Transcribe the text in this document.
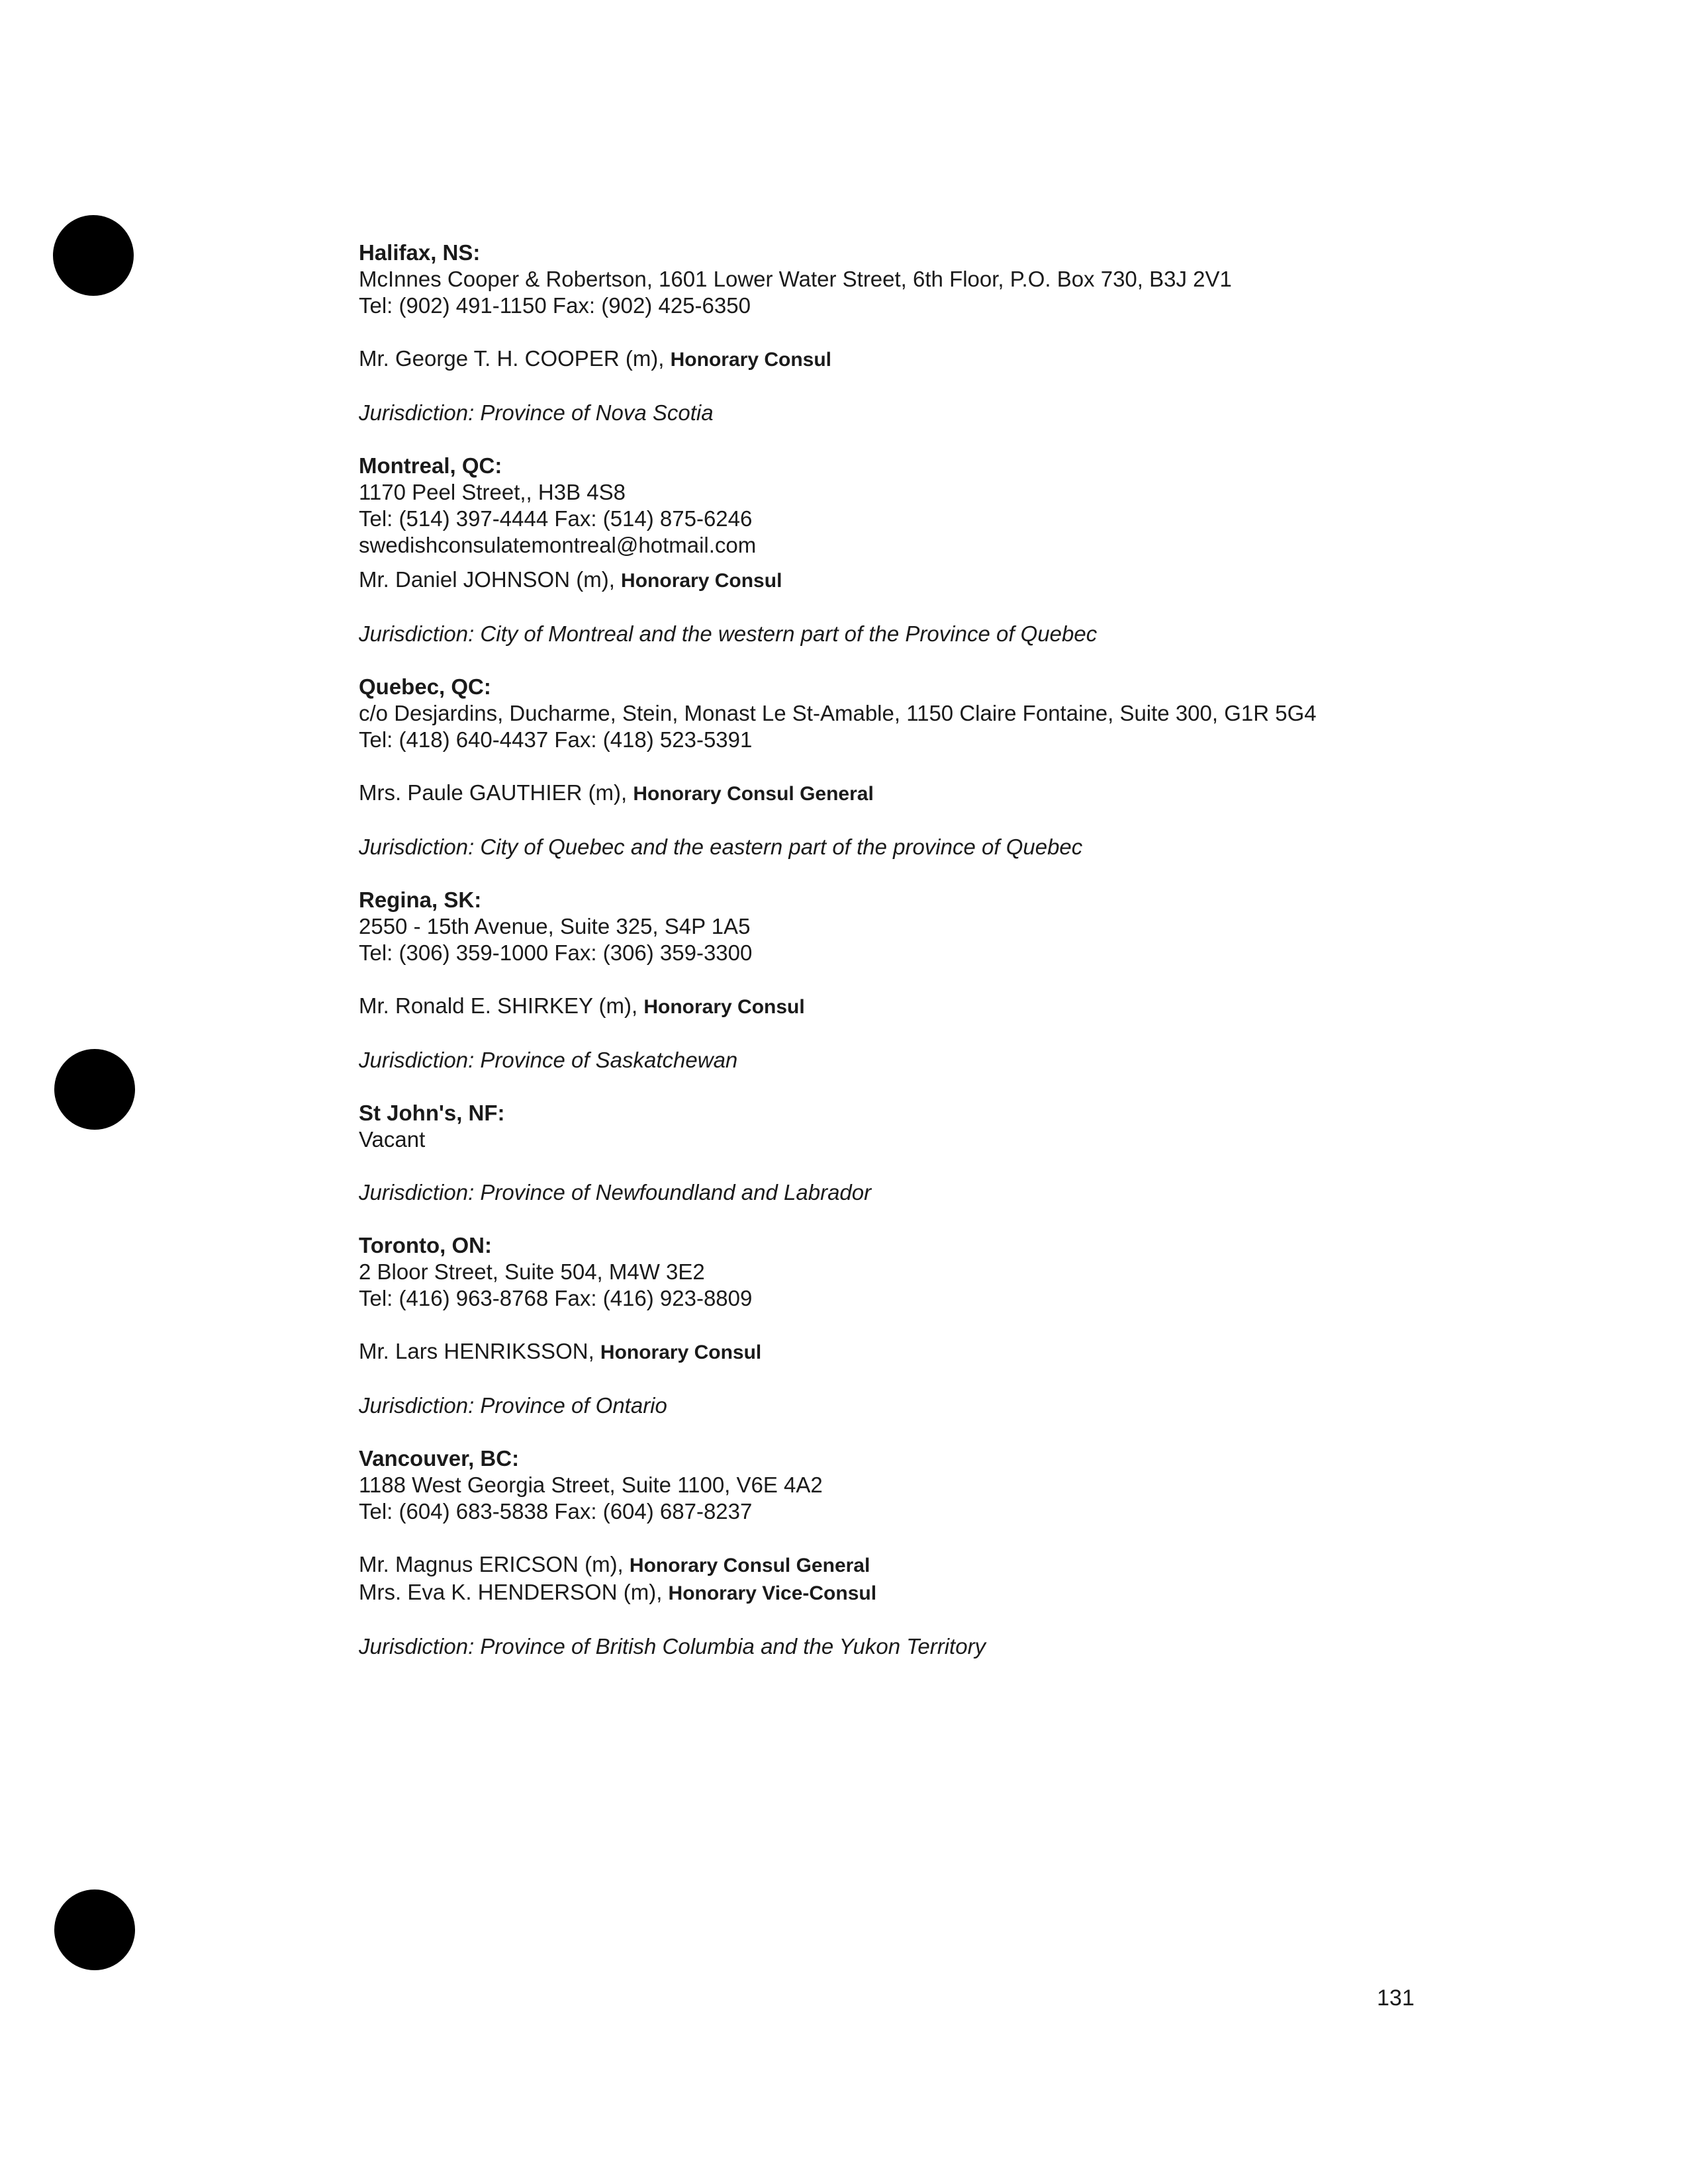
Halifax, NS:

McInnes Cooper & Robertson, 1601 Lower Water Street, 6th Floor, P.O. Box 730, B3J 2V1

Tel: (902) 491-1150 Fax: (902) 425-6350

Mr. George T. H. COOPER (m), Honorary Consul

Jurisdiction: Province of Nova Scotia

Montreal, QC:

1170 Peel Street,, H3B 4S8

Tel: (514) 397-4444 Fax: (514) 875-6246

swedishconsulatemontreal@hotmail.com

Mr. Daniel JOHNSON (m), Honorary Consul

Jurisdiction: City of Montreal and the western part of the Province of Quebec

Quebec, QC:

c/o Desjardins, Ducharme, Stein, Monast Le St-Amable, 1150 Claire Fontaine, Suite 300, G1R 5G4

Tel: (418) 640-4437 Fax: (418) 523-5391

Mrs. Paule GAUTHIER (m), Honorary Consul General

Jurisdiction: City of Quebec and the eastern part of the province of Quebec

Regina, SK:

2550 - 15th Avenue, Suite 325, S4P 1A5

Tel: (306) 359-1000 Fax: (306) 359-3300

Mr. Ronald E. SHIRKEY (m), Honorary Consul

Jurisdiction: Province of Saskatchewan

St John's, NF:

Vacant

Jurisdiction: Province of Newfoundland and Labrador

Toronto, ON:

2 Bloor Street, Suite 504, M4W 3E2

Tel: (416) 963-8768 Fax: (416) 923-8809

Mr. Lars HENRIKSSON, Honorary Consul

Jurisdiction: Province of Ontario

Vancouver, BC:

1188 West Georgia Street, Suite 1100, V6E 4A2

Tel: (604) 683-5838 Fax: (604) 687-8237

Mr. Magnus ERICSON (m), Honorary Consul General

Mrs. Eva K. HENDERSON (m), Honorary Vice-Consul

Jurisdiction: Province of British Columbia and the Yukon Territory

131
